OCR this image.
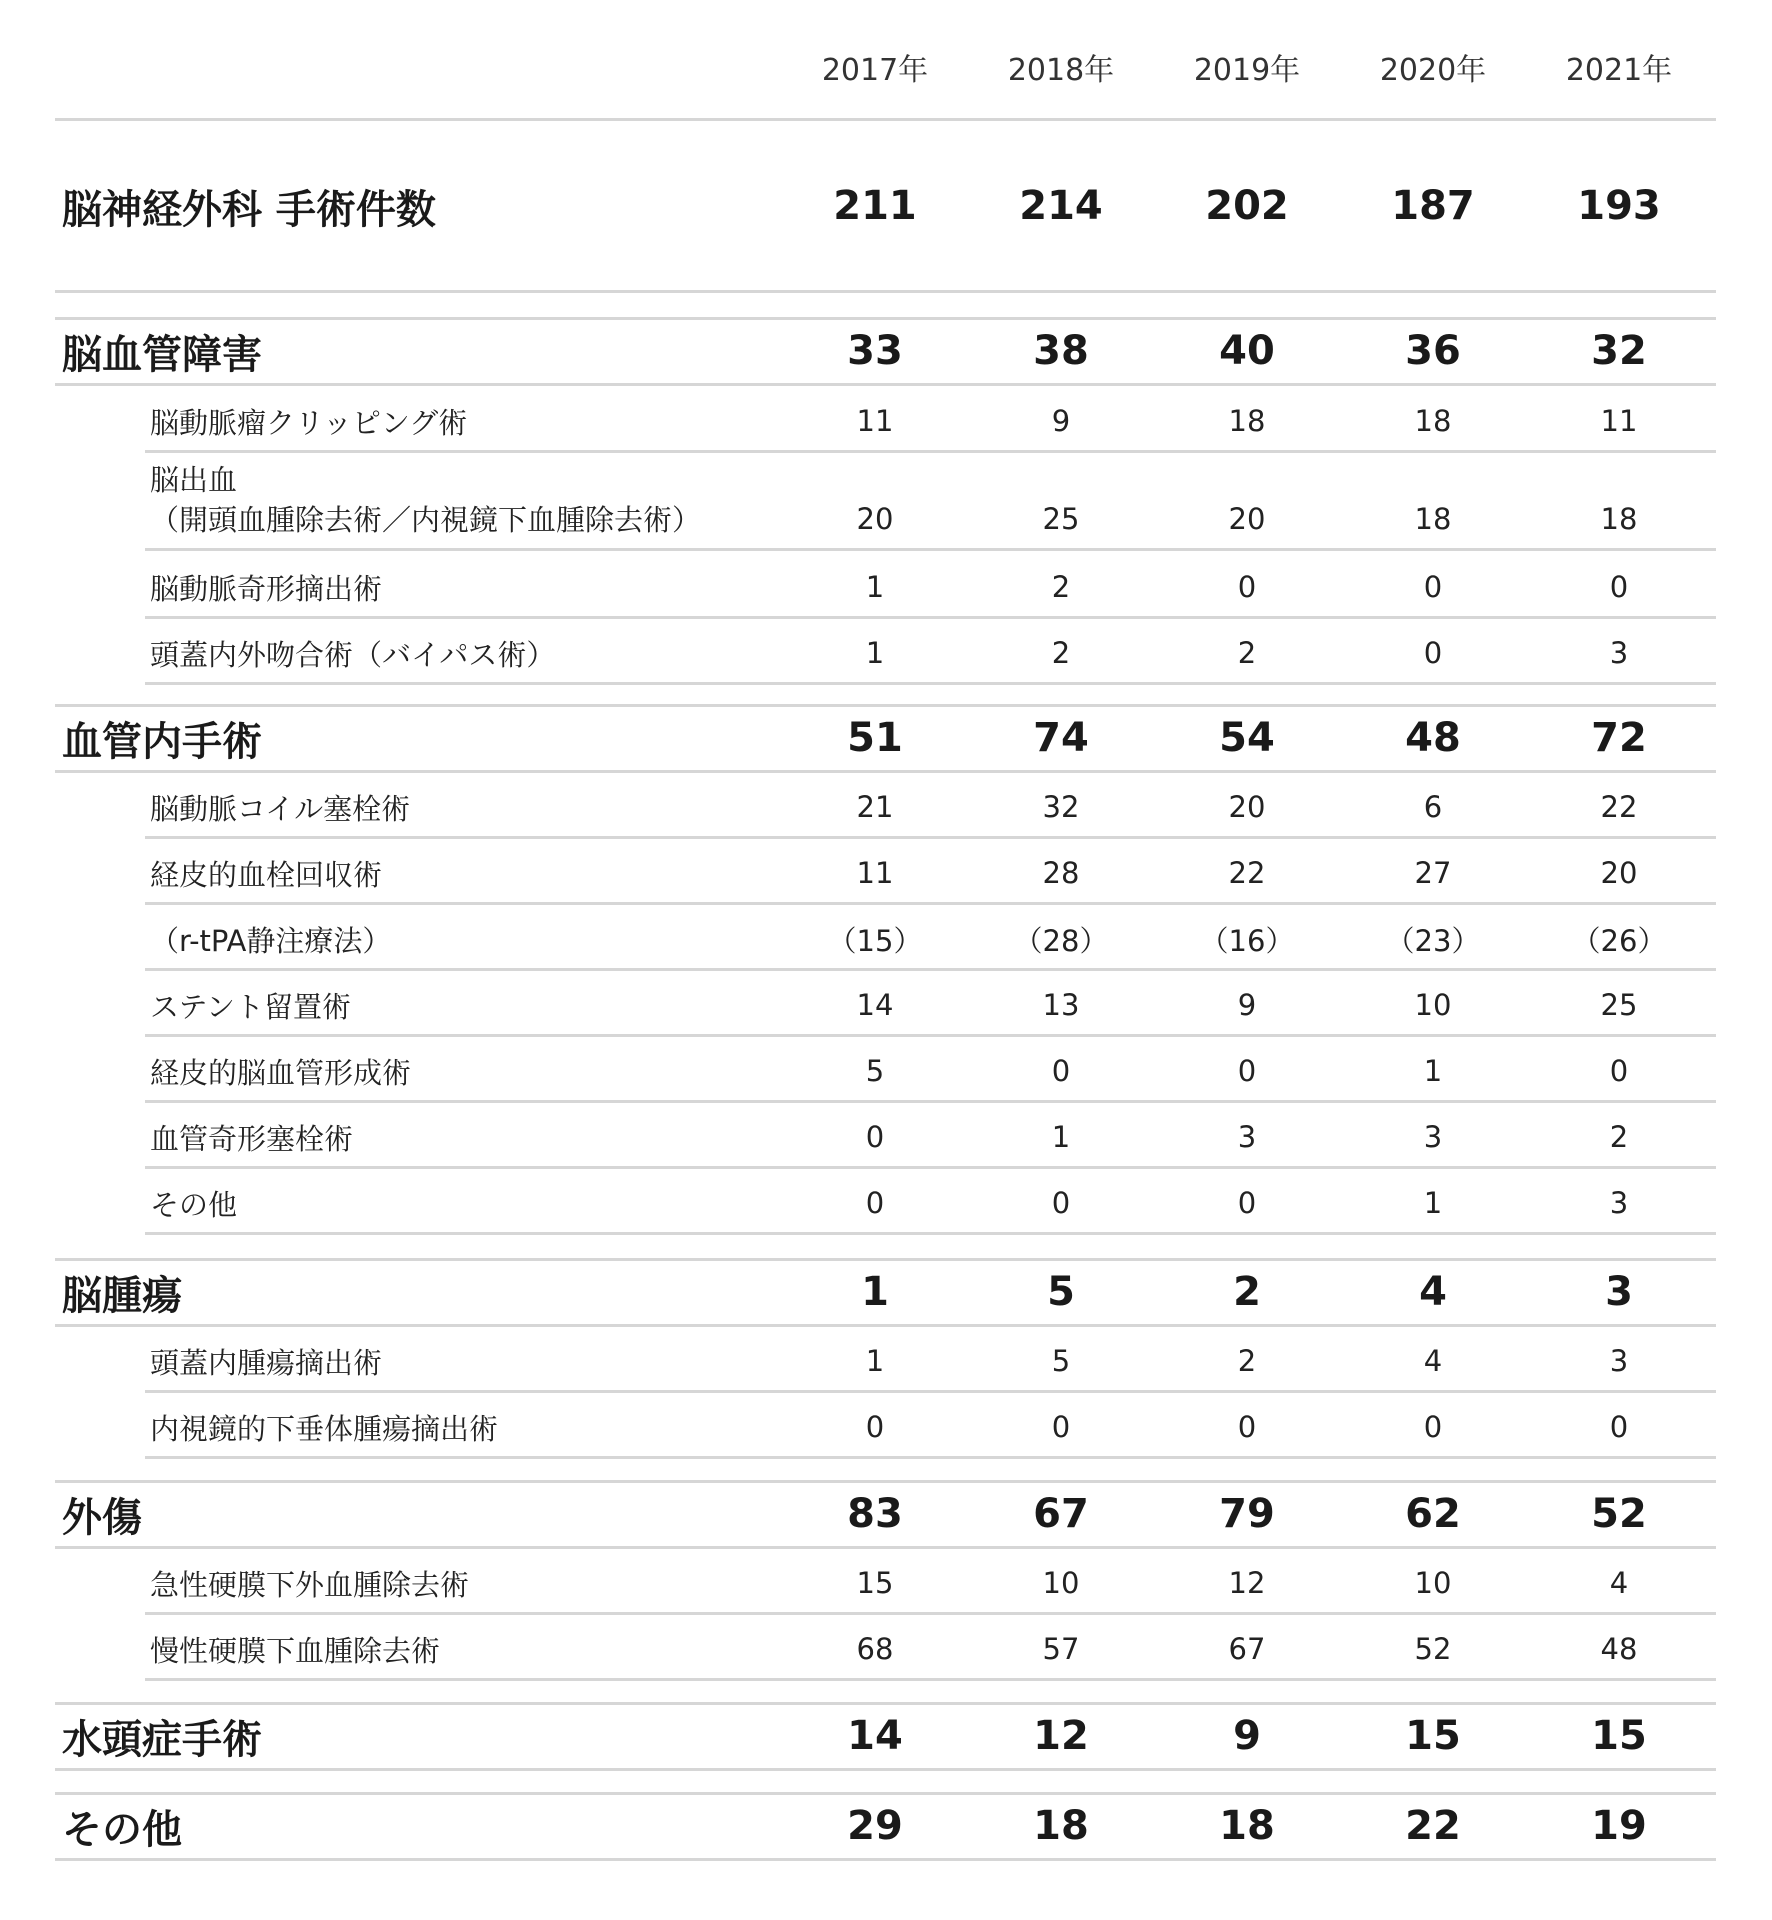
2017年	2018年	2019年	2020年	2021年
脳神経外科 手術件数	211	214	202	187	193
脳血管障害	33	38	40	36	32
脳動脈瘤クリッピング術	11	9	18	18	11
脳出血
（開頭血腫除去術／内視鏡下血腫除去術）	20	25	20	18	18
脳動脈奇形摘出術	1	2	0	0	0
頭蓋内外吻合術（バイパス術）	1	2	2	0	3
血管内手術	51	74	54	48	72
脳動脈コイル塞栓術	21	32	20	6	22
経皮的血栓回収術	11	28	22	27	20
（r-tPA静注療法）	（15）	（28）	（16）	（23）	（26）
ステント留置術	14	13	9	10	25
経皮的脳血管形成術	5	0	0	1	0
血管奇形塞栓術	0	1	3	3	2
その他	0	0	0	1	3
脳腫瘍	1	5	2	4	3
頭蓋内腫瘍摘出術	1	5	2	4	3
内視鏡的下垂体腫瘍摘出術	0	0	0	0	0
外傷	83	67	79	62	52
急性硬膜下外血腫除去術	15	10	12	10	4
慢性硬膜下血腫除去術	68	57	67	52	48
水頭症手術	14	12	9	15	15
その他	29	18	18	22	19
